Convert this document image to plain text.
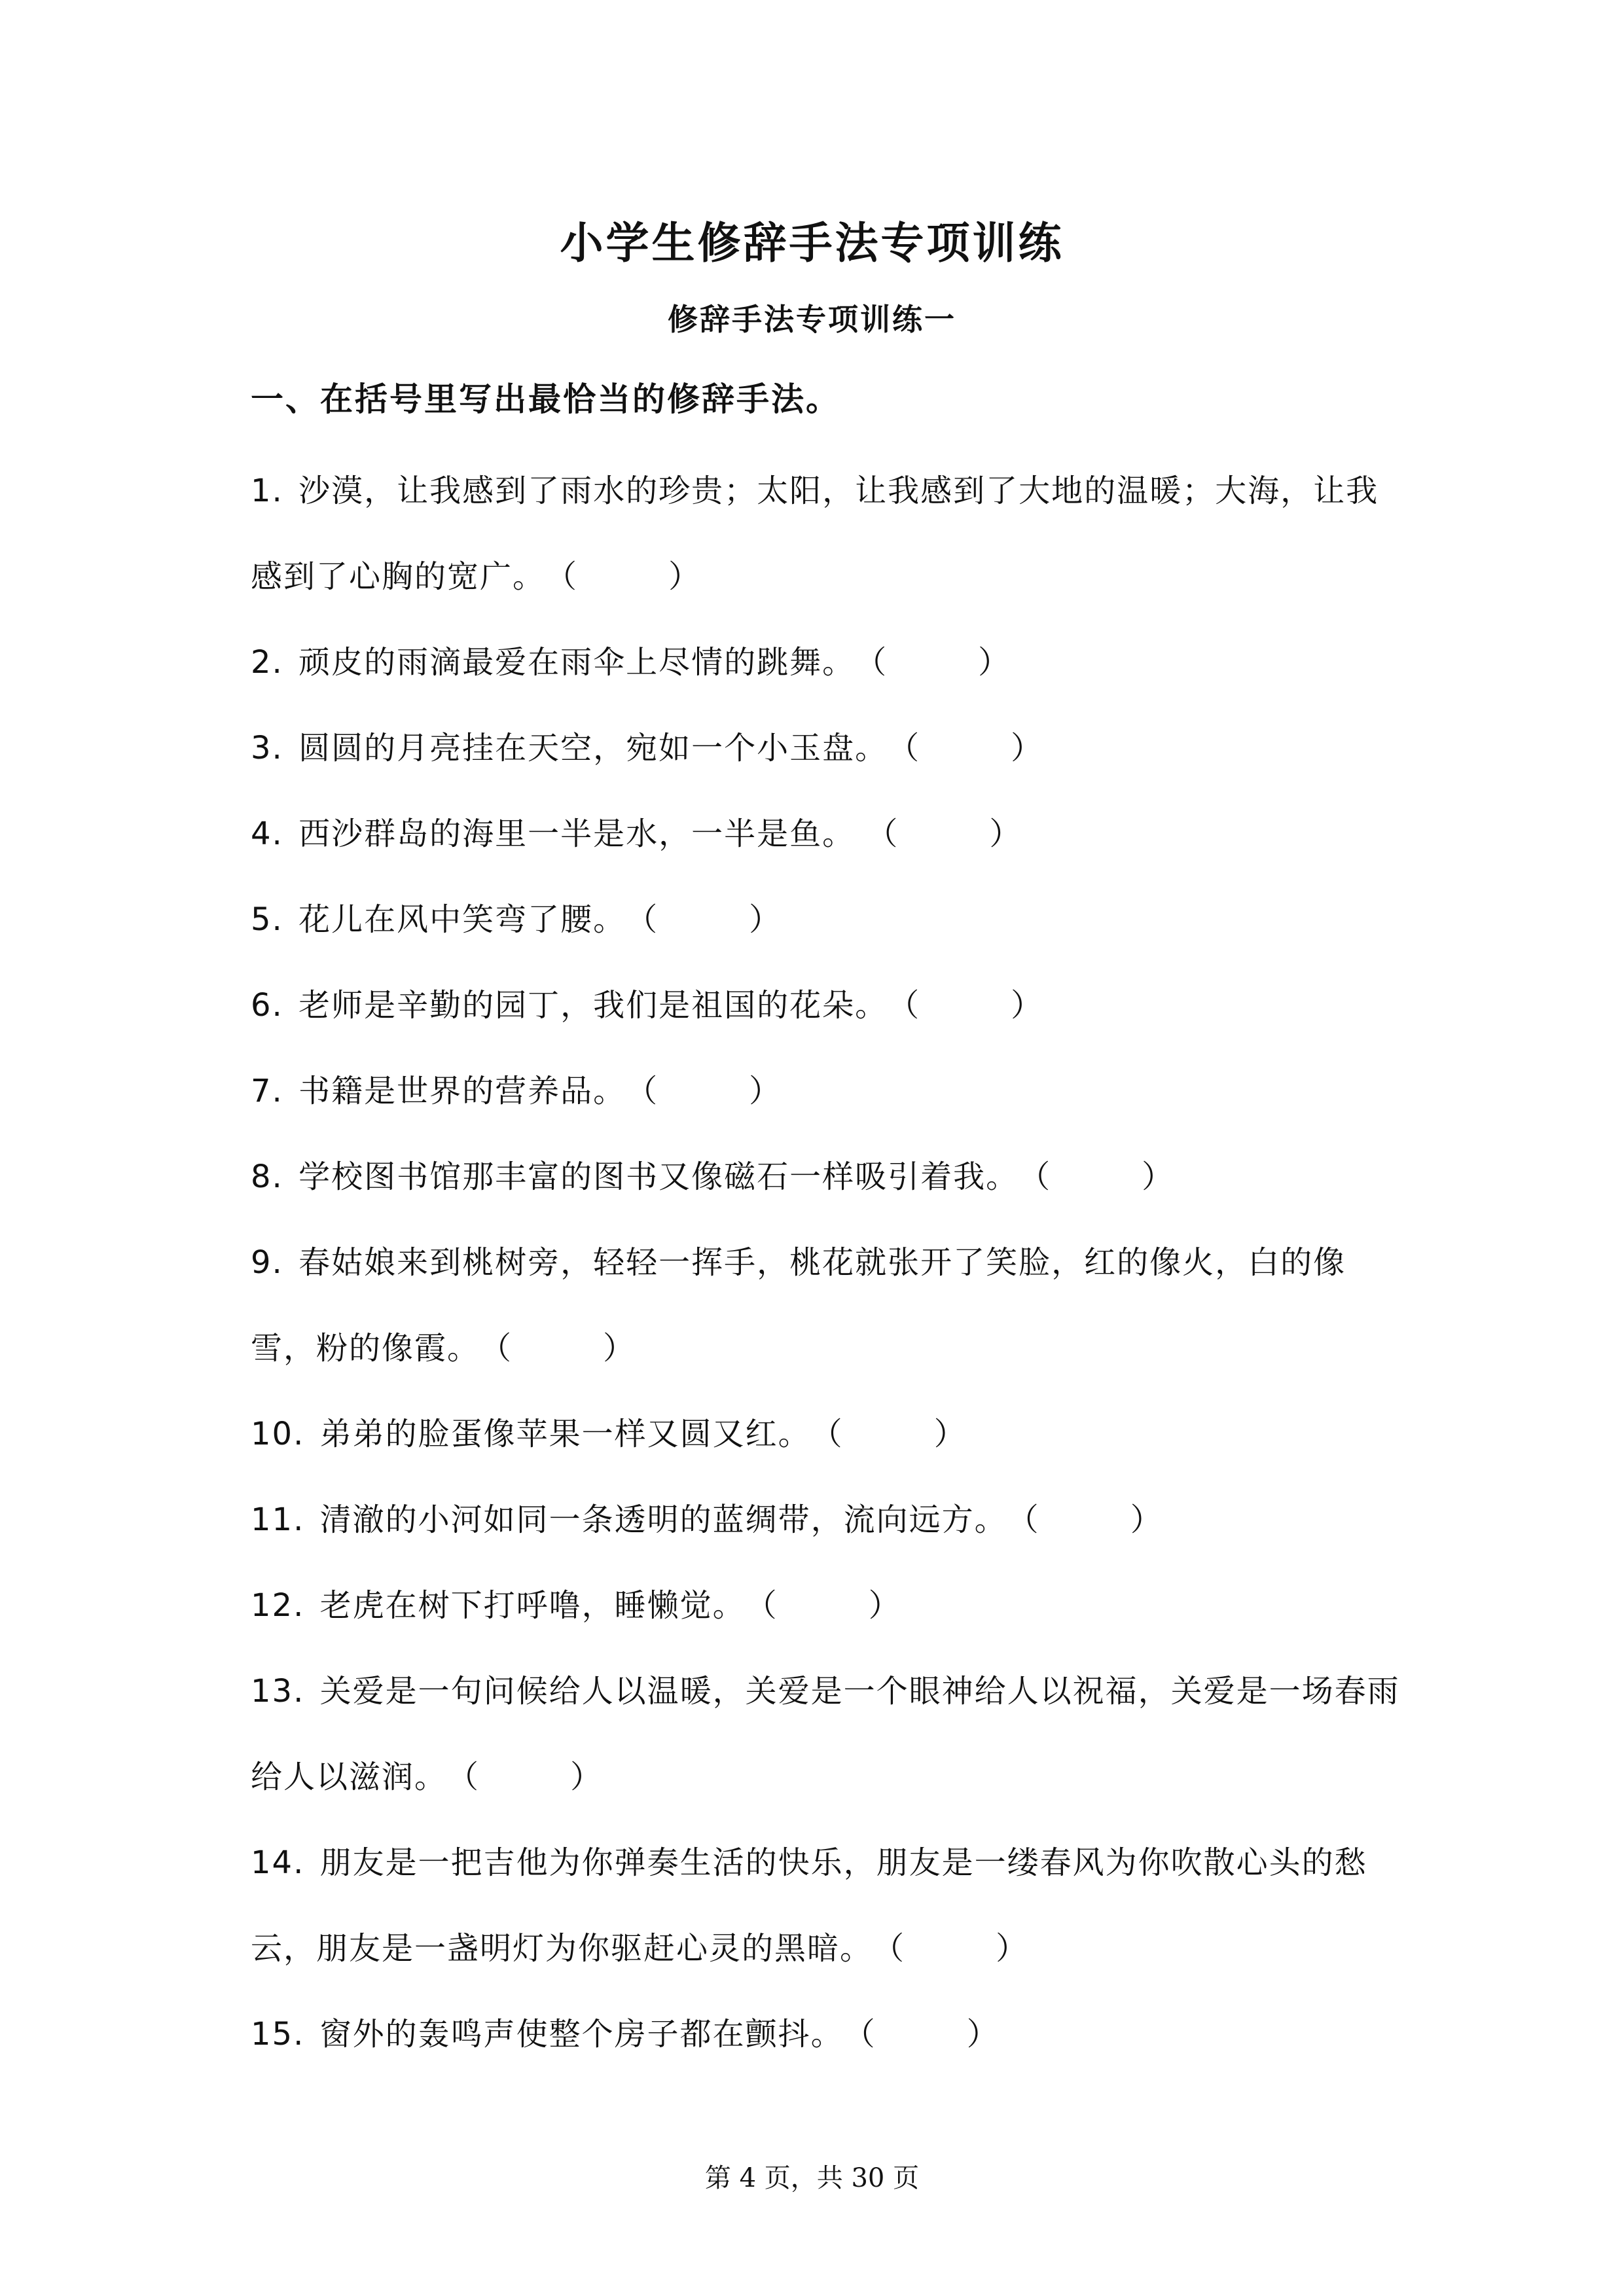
小学生修辞手法专项训练
修辞手法专项训练一
一、在括号里写出最恰当的修辞手法。
1. 沙漠，让我感到了雨水的珍贵；太阳，让我感到了大地的温暖；大海，让我感到了心胸的宽广。（        ）
2. 顽皮的雨滴最爱在雨伞上尽情的跳舞。（        ）
3. 圆圆的月亮挂在天空，宛如一个小玉盘。（        ）
4. 西沙群岛的海里一半是水，一半是鱼。 （        ）
5. 花儿在风中笑弯了腰。（        ）
6. 老师是辛勤的园丁，我们是祖国的花朵。（        ）
7. 书籍是世界的营养品。（        ）
8. 学校图书馆那丰富的图书又像磁石一样吸引着我。（        ）
9. 春姑娘来到桃树旁，轻轻一挥手，桃花就张开了笑脸，红的像火，白的像雪，粉的像霞。（        ）
10. 弟弟的脸蛋像苹果一样又圆又红。（        ）
11. 清澈的小河如同一条透明的蓝绸带，流向远方。（        ）
12. 老虎在树下打呼噜，睡懒觉。（        ）
13. 关爱是一句问候给人以温暖，关爱是一个眼神给人以祝福，关爱是一场春雨给人以滋润。（        ）
14. 朋友是一把吉他为你弹奏生活的快乐，朋友是一缕春风为你吹散心头的愁云，朋友是一盏明灯为你驱赶心灵的黑暗。（        ）
15. 窗外的轰鸣声使整个房子都在颤抖。（        ）
第 4 页，共 30 页
